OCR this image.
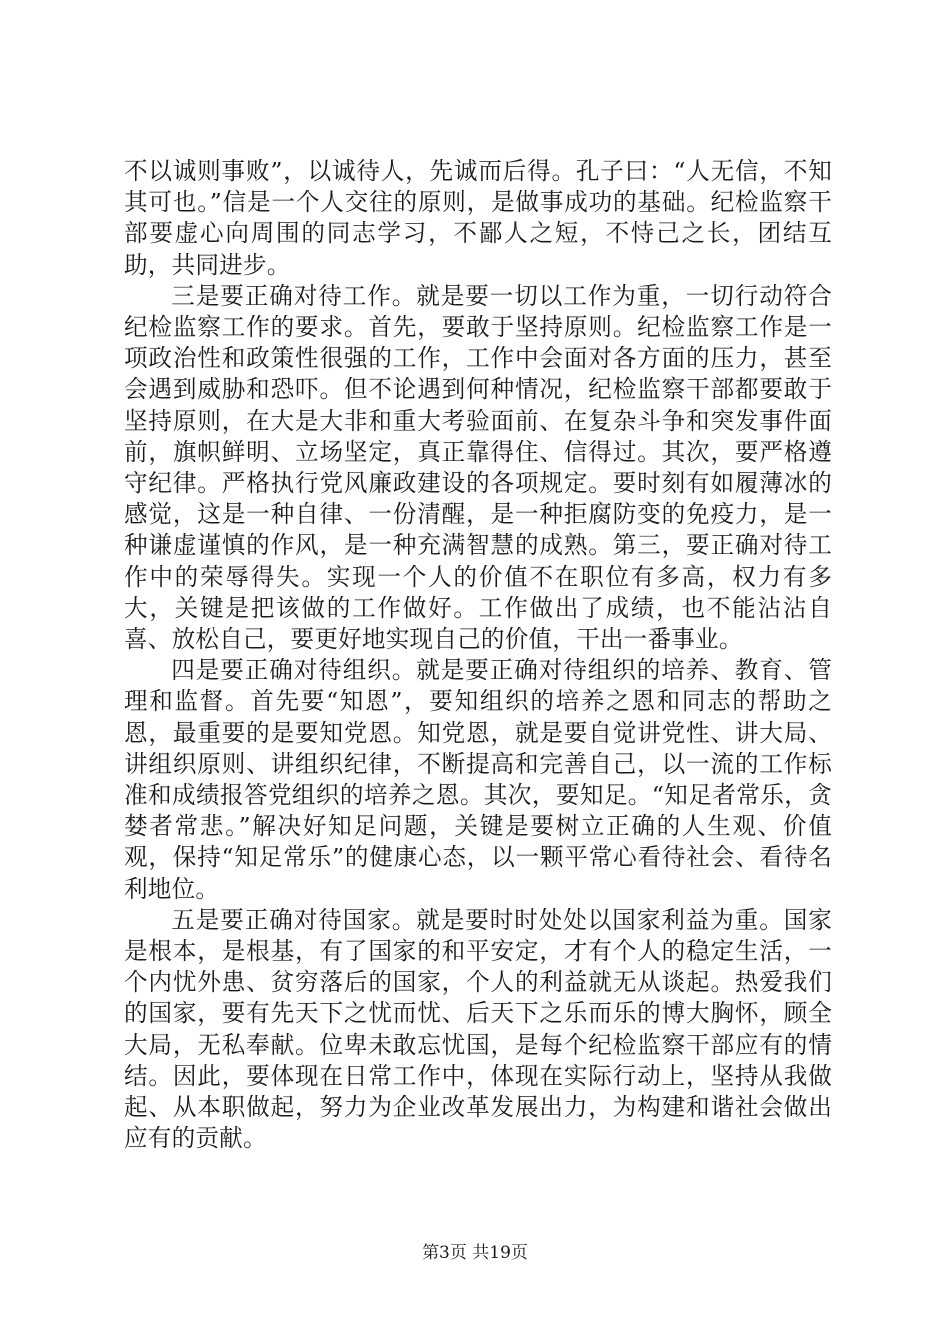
不以诚则事败”，以诚待人，先诚而后得。孔子曰：“人无信，不知其可也。”信是一个人交往的原则，是做事成功的基础。纪检监察干部要虚心向周围的同志学习，不鄙人之短，不恃己之长，团结互助，共同进步。

三是要正确对待工作。就是要一切以工作为重，一切行动符合纪检监察工作的要求。首先，要敢于坚持原则。纪检监察工作是一项政治性和政策性很强的工作，工作中会面对各方面的压力，甚至会遇到威胁和恐吓。但不论遇到何种情况，纪检监察干部都要敢于坚持原则，在大是大非和重大考验面前、在复杂斗争和突发事件面前，旗帜鲜明、立场坚定，真正靠得住、信得过。其次，要严格遵守纪律。严格执行党风廉政建设的各项规定。要时刻有如履薄冰的感觉，这是一种自律、一份清醒，是一种拒腐防变的免疫力，是一种谦虚谨慎的作风，是一种充满智慧的成熟。第三，要正确对待工作中的荣辱得失。实现一个人的价值不在职位有多高，权力有多大，关键是把该做的工作做好。工作做出了成绩，也不能沾沾自喜、放松自己，要更好地实现自己的价值，干出一番事业。

四是要正确对待组织。就是要正确对待组织的培养、教育、管理和监督。首先要“知恩”，要知组织的培养之恩和同志的帮助之恩，最重要的是要知党恩。知党恩，就是要自觉讲党性、讲大局、讲组织原则、讲组织纪律，不断提高和完善自己，以一流的工作标准和成绩报答党组织的培养之恩。其次，要知足。“知足者常乐，贪婪者常悲。”解决好知足问题，关键是要树立正确的人生观、价值观，保持“知足常乐”的健康心态，以一颗平常心看待社会、看待名利地位。

五是要正确对待国家。就是要时时处处以国家利益为重。国家是根本，是根基，有了国家的和平安定，才有个人的稳定生活，一个内忧外患、贫穷落后的国家，个人的利益就无从谈起。热爱我们的国家，要有先天下之忧而忧、后天下之乐而乐的博大胸怀，顾全大局，无私奉献。位卑未敢忘忧国，是每个纪检监察干部应有的情结。因此，要体现在日常工作中，体现在实际行动上，坚持从我做起、从本职做起，努力为企业改革发展出力，为构建和谐社会做出应有的贡献。

第3页 共19页
